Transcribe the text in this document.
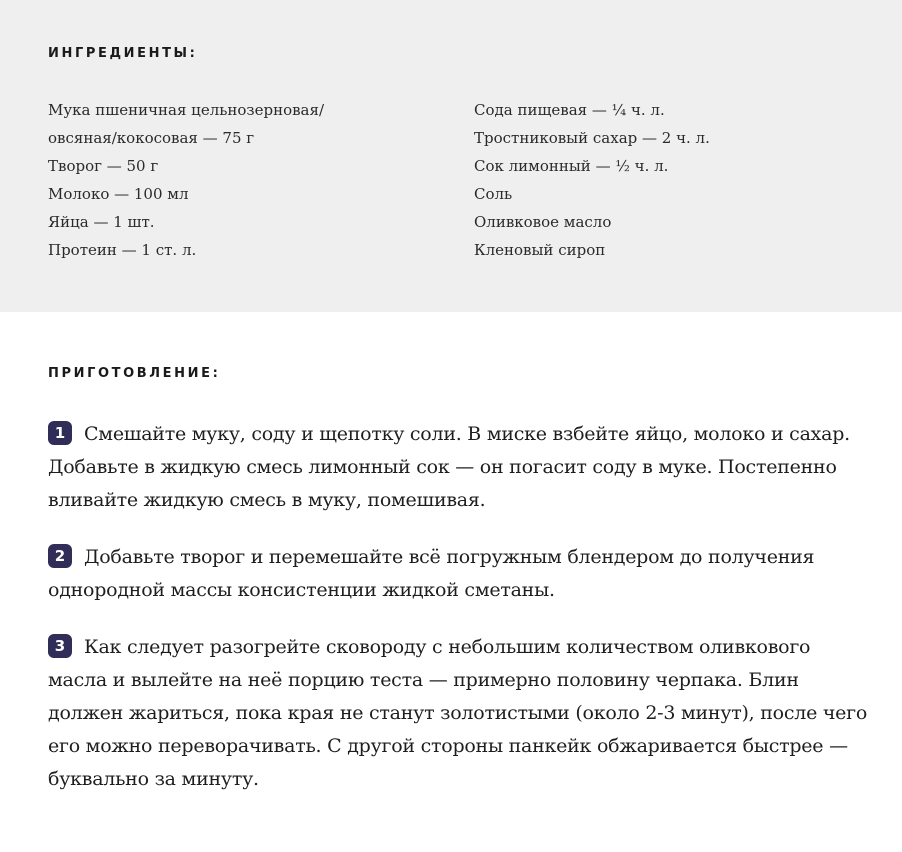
ИНГРЕДИЕНТЫ:
Мука пшеничная цельнозерновая/
овсяная/кокосовая — 75 г
Творог — 50 г
Молоко — 100 мл
Яйца — 1 шт.
Протеин — 1 ст. л.
Сода пищевая — ¼ ч. л.
Тростниковый сахар — 2 ч. л.
Сок лимонный — ½ ч. л.
Соль
Оливковое масло
Кленовый сироп
ПРИГОТОВЛЕНИЕ:
1 Смешайте муку, соду и щепотку соли. В миске взбейте яйцо, молоко и сахар. Добавьте в жидкую смесь лимонный сок — он погасит соду в муке. Постепенно вливайте жидкую смесь в муку, помешивая.
2 Добавьте творог и перемешайте всё погружным блендером до получения однородной массы консистенции жидкой сметаны.
3 Как следует разогрейте сковороду с небольшим количеством оливкового масла и вылейте на неё порцию теста — примерно половину черпака. Блин должен жариться, пока края не станут золотистыми (около 2-3 минут), после чего его можно переворачивать. С другой стороны панкейк обжаривается быстрее — буквально за минуту.
